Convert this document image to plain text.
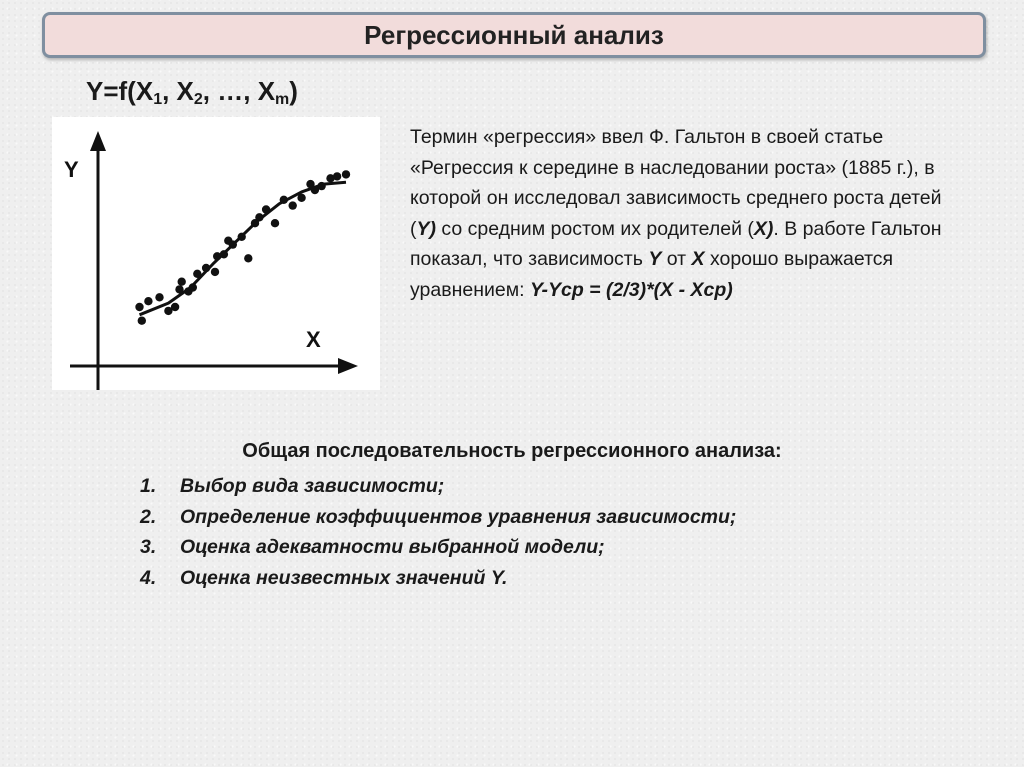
Регрессионный анализ
$Y=f(X_1$, $X_2$, …, $X_m$)
Y
X
Термин «регрессия» ввел Ф. Гальтон в своей статье «Регрессия к середине в наследовании роста» (1885 г.), в которой он исследовал зависимость среднего роста детей (Y) со средним ростом их родителей (X). В работе Гальтон показал, что зависимость Y от X хорошо выражается уравнением: Y-Ycp = (2/3)*(X - Xcp)
Общая последовательность регрессионного анализа:
1. Выбор вида зависимости;
2. Определение коэффициентов уравнения зависимости;
3. Оценка адекватности выбранной модели;
4. Оценка неизвестных значений Y.
